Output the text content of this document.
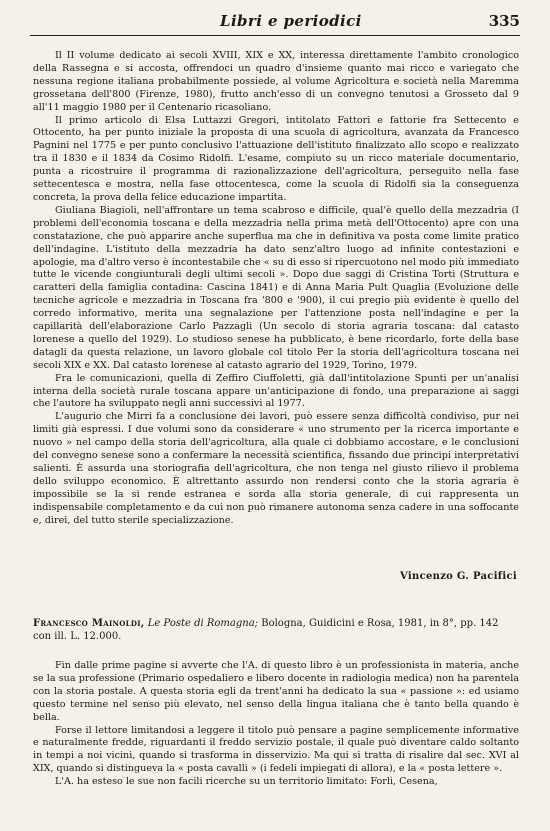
Libri e periodici	335

Il II volume dedicato ai secoli XVIII, XIX e XX, interessa direttamente l'ambito cronologico della Rassegna e si accosta, offrendoci un quadro d'insieme quanto mai ricco e variegato che nessuna regione italiana probabilmente possiede, al volume Agricoltura e società nella Maremma grossetana dell'800 (Firenze, 1980), frutto anch'esso di un convegno tenutosi a Grosseto dal 9 all'11 maggio 1980 per il Centenario ricasoliano.

Il primo articolo di Elsa Luttazzi Gregori, intitolato Fattori e fattorie fra Settecento e Ottocento, ha per punto iniziale la proposta di una scuola di agricoltura, avanzata da Francesco Pagnini nel 1775 e per punto conclusivo l'attuazione dell'istituto finalizzato allo scopo e realizzato tra il 1830 e il 1834 da Cosimo Ridolfi. L'esame, compiuto su un ricco materiale documentario, punta a ricostruire il programma di razionalizzazione dell'agricoltura, perseguito nella fase settecentesca e mostra, nella fase ottocentesca, come la scuola di Ridolfi sia la conseguenza concreta, la prova della felice educazione impartita.

Giuliana Biagioli, nell'affrontare un tema scabroso e difficile, qual'è quello della mezzadria (I problemi dell'economia toscana e della mezzadria nella prima metà dell'Ottocento) apre con una constatazione, che può apparire anche superflua ma che in definitiva va posta come limite pratico dell'indagine. L'istituto della mezzadria ha dato senz'altro luogo ad infinite contestazioni e apologie, ma d'altro verso è incontestabile che « su di esso si ripercuotono nel modo più immediato tutte le vicende congiunturali degli ultimi secoli ». Dopo due saggi di Cristina Torti (Struttura e caratteri della famiglia contadina: Cascina 1841) e di Anna Maria Pult Quaglia (Evoluzione delle tecniche agricole e mezzadria in Toscana fra '800 e '900), il cui pregio più evidente è quello del corredo informativo, merita una segnalazione per l'attenzione posta nell'indagine e per la capillarità dell'elaborazione Carlo Pazzagli (Un secolo di storia agraria toscana: dal catasto lorenese a quello del 1929). Lo studioso senese ha pubblicato, è bene ricordarlo, forte della base datagli da questa relazione, un lavoro globale col titolo Per la storia dell'agricoltura toscana nei secoli XIX e XX. Dal catasto lorenese al catasto agrario del 1929, Torino, 1979.

Fra le comunicazioni, quella di Zeffiro Ciuffoletti, già dall'intitolazione Spunti per un'analisi interna della società rurale toscana appare un'anticipazione di fondo, una preparazione ai saggi che l'autore ha sviluppato negli anni successivi al 1977.

L'augurio che Mirri fa a conclusione dei lavori, può essere senza difficoltà condiviso, pur nei limiti già espressi. I due volumi sono da considerare « uno strumento per la ricerca importante e nuovo » nel campo della storia dell'agricoltura, alla quale ci dobbiamo accostare, e le conclusioni del convegno senese sono a confermare la necessità scientifica, fissando due principi interpretativi salienti. È assurda una storiografia dell'agricoltura, che non tenga nel giusto rilievo il problema dello sviluppo economico. È altrettanto assurdo non rendersi conto che la storia agraria è impossibile se la si rende estranea e sorda alla storia generale, di cui rappresenta un indispensabile completamento e da cui non può rimanere autonoma senza cadere in una soffocante e, direi, del tutto sterile specializzazione.

Vincenzo G. Pacifici
Francesco Mainoldi, Le Poste di Romagna; Bologna, Guidicini e Rosa, 1981, in 8°, pp. 142 con ill. L. 12.000.

Fin dalle prime pagine si avverte che l'A. di questo libro è un professionista in materia, anche se la sua professione (Primario ospedaliero e libero docente in radiologia medica) non ha parentela con la storia postale. A questa storia egli da trent'anni ha dedicato la sua « passione »: ed usiamo questo termine nel senso più elevato, nel senso della lingua italiana che è tanto bella quando è bella.

Forse il lettore limitandosi a leggere il titolo può pensare a pagine semplicemente informative e naturalmente fredde, riguardanti il freddo servizio postale, il quale può diventare caldo soltanto in tempi a noi vicini, quando si trasforma in disservizio. Ma qui si tratta di risalire dal sec. XVI al XIX, quando si distingueva la « posta cavalli » (i fedeli impiegati di allora), e la « posta lettere ».

L'A. ha esteso le sue non facili ricerche su un territorio limitato: Forlì, Cesena,
